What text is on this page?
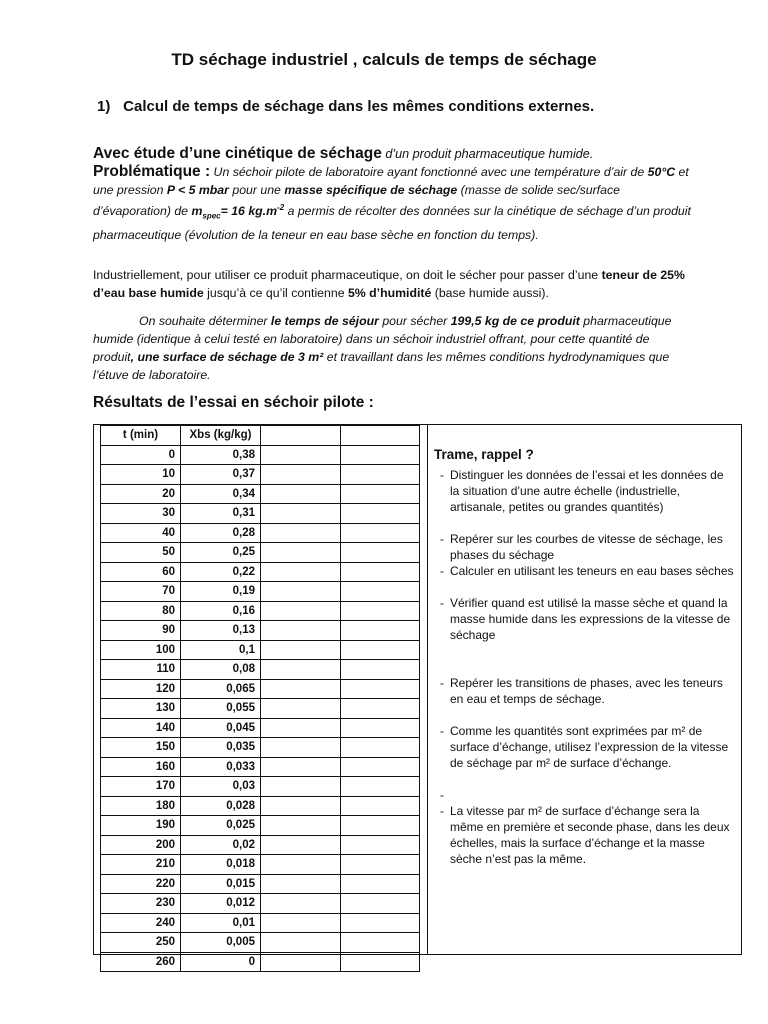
TD séchage industriel , calculs de temps de séchage
1) Calcul de temps de séchage dans les mêmes conditions externes.
Avec étude d’une cinétique de séchage d’un produit pharmaceutique humide.
Problématique : Un séchoir pilote de laboratoire ayant fonctionné avec une température d’air de 50°C et une pression P < 5 mbar pour une masse spécifique de séchage (masse de solide sec/surface d’évaporation) de $m_{spec}= 16$ $kg.m^{-2}$ a permis de récolter des données sur la cinétique de séchage d’un produit pharmaceutique (évolution de la teneur en eau base sèche en fonction du temps).
Industriellement, pour utiliser ce produit pharmaceutique, on doit le sécher pour passer d’une teneur de 25% d’eau base humide jusqu’à ce qu’il contienne 5% d’humidité (base humide aussi).
On souhaite déterminer le temps de séjour pour sécher 199,5 kg de ce produit pharmaceutique humide (identique à celui testé en laboratoire) dans un séchoir industriel offrant, pour cette quantité de produit, une surface de séchage de 3 m² et travaillant dans les mêmes conditions hydrodynamiques que l’étuve de laboratoire.
Résultats de l’essai en séchoir pilote :
t (min)	Xbs (kg/kg)		
0	0,38		
10	0,37		
20	0,34		
30	0,31		
40	0,28		
50	0,25		
60	0,22		
70	0,19		
80	0,16		
90	0,13		
100	0,1		
110	0,08		
120	0,065		
130	0,055		
140	0,045		
150	0,035		
160	0,033		
170	0,03		
180	0,028		
190	0,025		
200	0,02		
210	0,018		
220	0,015		
230	0,012		
240	0,01		
250	0,005		
260	0		
Trame, rappel ?
- Distinguer les données de l’essai et les données de la situation d’une autre échelle (industrielle, artisanale, petites ou grandes quantités)
- Repérer sur les courbes de vitesse de séchage, les phases du séchage
- Calculer en utilisant les teneurs en eau bases sèches
- Vérifier quand est utilisé la masse sèche et quand la masse humide dans les expressions de la vitesse de séchage
- Repérer les transitions de phases, avec les teneurs en eau et temps de séchage.
- Comme les quantités sont exprimées par m² de surface d’échange, utilisez l’expression de la vitesse de séchage par m² de surface d’échange.
-

- La vitesse par m² de surface d’échange sera la même en première et seconde phase, dans les deux échelles, mais la surface d’échange et la masse sèche n’est pas la même.
